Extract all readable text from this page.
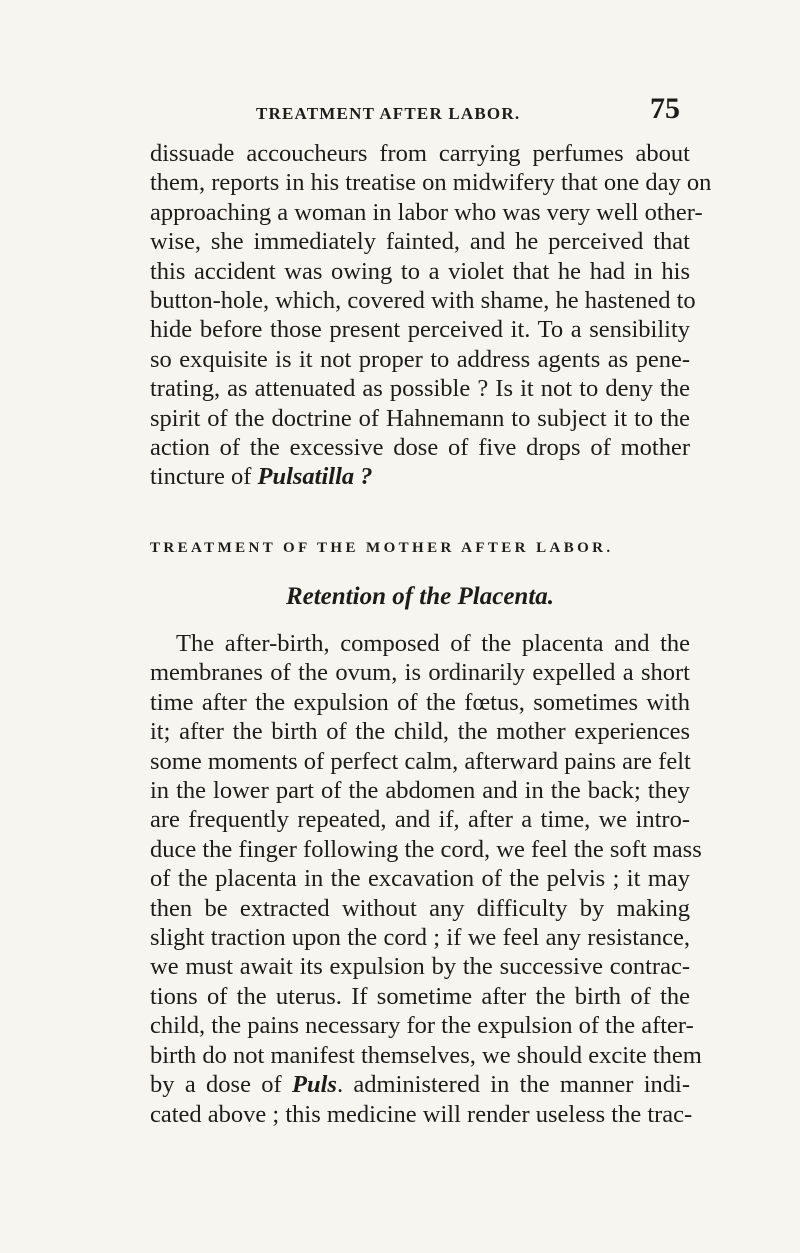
TREATMENT AFTER LABOR.	75
dissuade accoucheurs from carrying perfumes about
them, reports in his treatise on midwifery that one day on
approaching a woman in labor who was very well other-
wise, she immediately fainted, and he perceived that
this accident was owing to a violet that he had in his
button-hole, which, covered with shame, he hastened to
hide before those present perceived it. To a sensibility
so exquisite is it not proper to address agents as pene-
trating, as attenuated as possible ? Is it not to deny the
spirit of the doctrine of Hahnemann to subject it to the
action of the excessive dose of five drops of mother
tincture of Pulsatilla ?
TREATMENT OF THE MOTHER AFTER LABOR.
Retention of the Placenta.
The after-birth, composed of the placenta and the
membranes of the ovum, is ordinarily expelled a short
time after the expulsion of the fœtus, sometimes with
it; after the birth of the child, the mother experiences
some moments of perfect calm, afterward pains are felt
in the lower part of the abdomen and in the back; they
are frequently repeated, and if, after a time, we intro-
duce the finger following the cord, we feel the soft mass
of the placenta in the excavation of the pelvis ; it may
then be extracted without any difficulty by making
slight traction upon the cord ; if we feel any resistance,
we must await its expulsion by the successive contrac-
tions of the uterus. If sometime after the birth of the
child, the pains necessary for the expulsion of the after-
birth do not manifest themselves, we should excite them
by a dose of Puls. administered in the manner indi-
cated above ; this medicine will render useless the trac-
